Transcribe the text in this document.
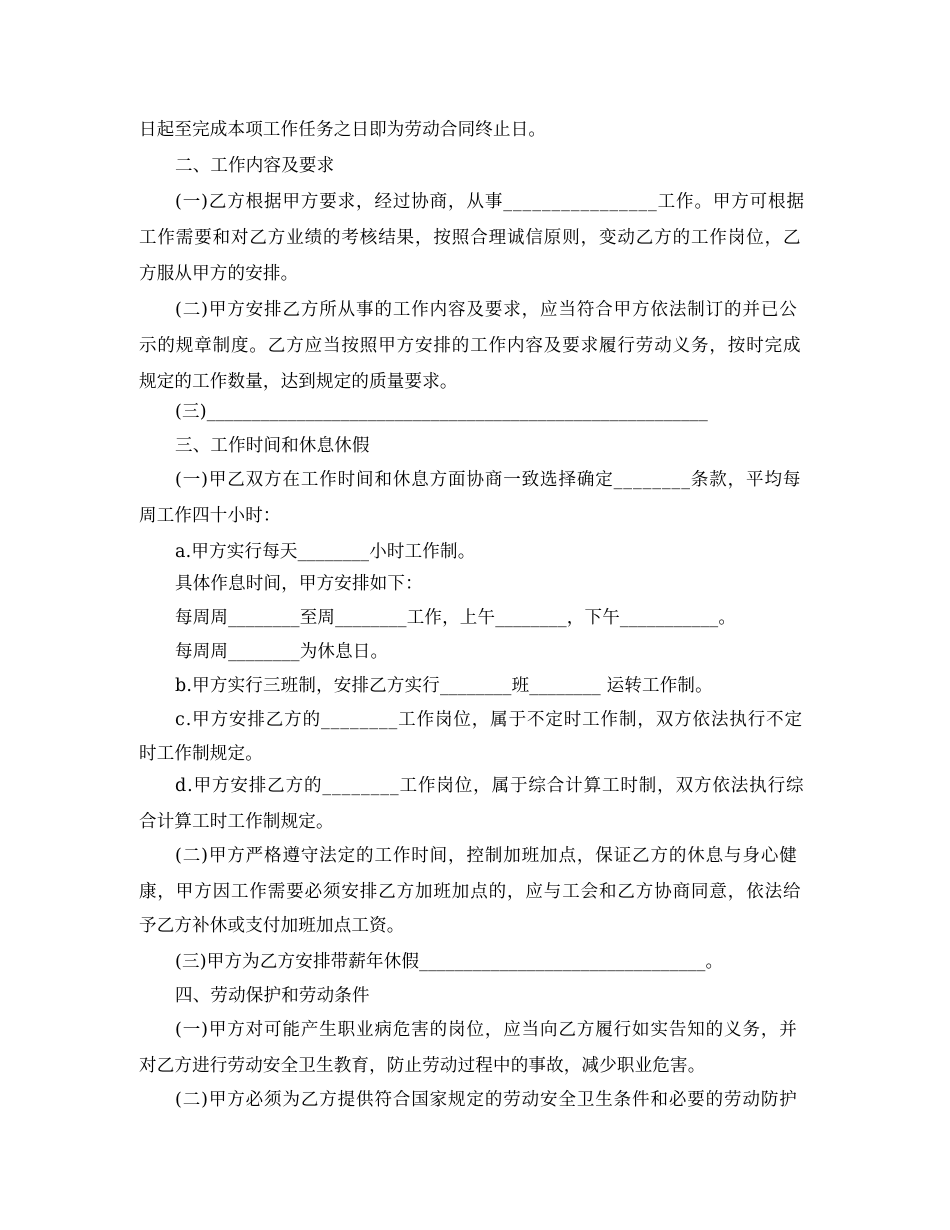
日起至完成本项工作任务之日即为劳动合同终止日。
二、工作内容及要求
(一)乙方根据甲方要求，经过协商，从事________________工作。甲方可根据
工作需要和对乙方业绩的考核结果，按照合理诚信原则，变动乙方的工作岗位，乙
方服从甲方的安排。
(二)甲方安排乙方所从事的工作内容及要求，应当符合甲方依法制订的并已公
示的规章制度。乙方应当按照甲方安排的工作内容及要求履行劳动义务，按时完成
规定的工作数量，达到规定的质量要求。
(三)________________________________________________________
三、工作时间和休息休假
(一)甲乙双方在工作时间和休息方面协商一致选择确定________条款，平均每
周工作四十小时：
a.甲方实行每天________小时工作制。
具体作息时间，甲方安排如下：
每周周________至周________工作，上午________，下午___________。
每周周________为休息日。
b.甲方实行三班制，安排乙方实行________班________ 运转工作制。
c.甲方安排乙方的________工作岗位，属于不定时工作制，双方依法执行不定
时工作制规定。
d.甲方安排乙方的________工作岗位，属于综合计算工时制，双方依法执行综
合计算工时工作制规定。
(二)甲方严格遵守法定的工作时间，控制加班加点，保证乙方的休息与身心健
康，甲方因工作需要必须安排乙方加班加点的，应与工会和乙方协商同意，依法给
予乙方补休或支付加班加点工资。
(三)甲方为乙方安排带薪年休假________________________________。
四、劳动保护和劳动条件
(一)甲方对可能产生职业病危害的岗位，应当向乙方履行如实告知的义务，并
对乙方进行劳动安全卫生教育，防止劳动过程中的事故，减少职业危害。
(二)甲方必须为乙方提供符合国家规定的劳动安全卫生条件和必要的劳动防护
